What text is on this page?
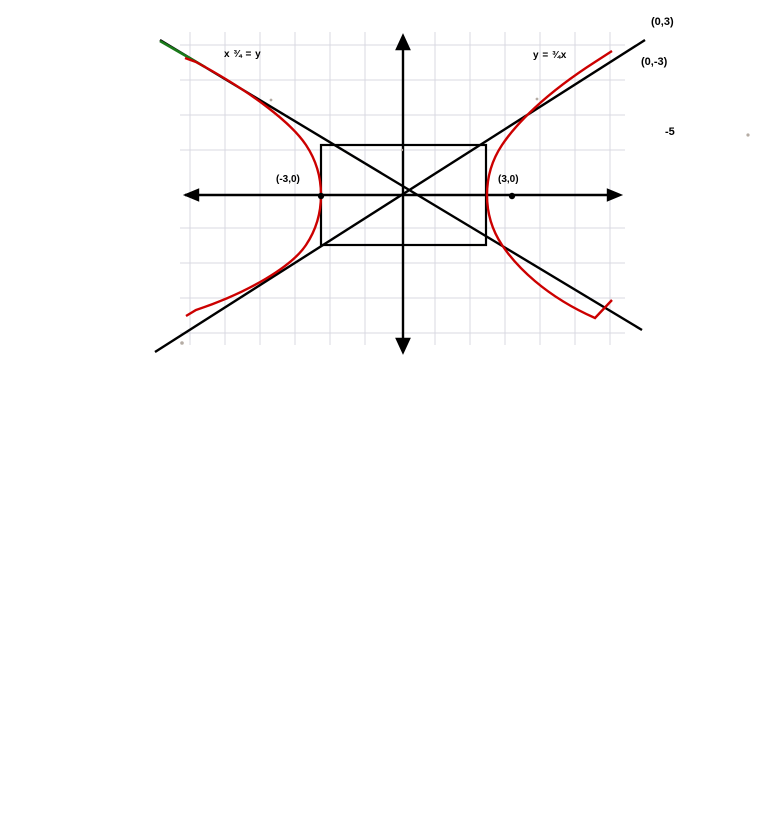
(0,3)
(0,-3)
-5
(-3,0)	(3,0)
x ¾ = y	y = ¾x
